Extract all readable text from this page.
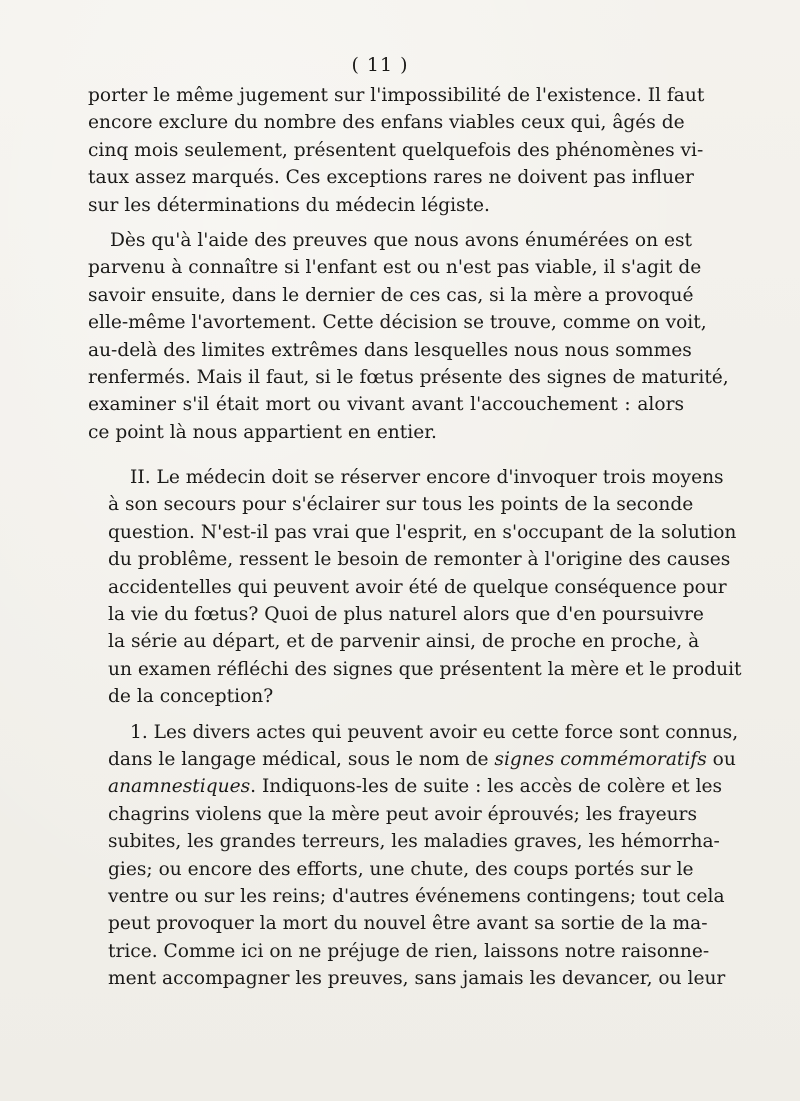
( 11 )
porter le même jugement sur l'impossibilité de l'existence. Il faut
encore exclure du nombre des enfans viables ceux qui, âgés de
cinq mois seulement, présentent quelquefois des phénomènes vi-
taux assez marqués. Ces exceptions rares ne doivent pas influer
sur les déterminations du médecin légiste.
Dès qu'à l'aide des preuves que nous avons énumérées on est
parvenu à connaître si l'enfant est ou n'est pas viable, il s'agit de
savoir ensuite, dans le dernier de ces cas, si la mère a provoqué
elle-même l'avortement. Cette décision se trouve, comme on voit,
au-delà des limites extrêmes dans lesquelles nous nous sommes
renfermés. Mais il faut, si le fœtus présente des signes de maturité,
examiner s'il était mort ou vivant avant l'accouchement : alors
ce point là nous appartient en entier.
II. Le médecin doit se réserver encore d'invoquer trois moyens
à son secours pour s'éclairer sur tous les points de la seconde
question. N'est-il pas vrai que l'esprit, en s'occupant de la solution
du problême, ressent le besoin de remonter à l'origine des causes
accidentelles qui peuvent avoir été de quelque conséquence pour
la vie du fœtus? Quoi de plus naturel alors que d'en poursuivre
la série au départ, et de parvenir ainsi, de proche en proche, à
un examen réfléchi des signes que présentent la mère et le produit
de la conception?
1. Les divers actes qui peuvent avoir eu cette force sont connus,
dans le langage médical, sous le nom de signes commémoratifs ou
anamnestiques. Indiquons-les de suite : les accès de colère et les
chagrins violens que la mère peut avoir éprouvés; les frayeurs
subites, les grandes terreurs, les maladies graves, les hémorrha-
gies; ou encore des efforts, une chute, des coups portés sur le
ventre ou sur les reins; d'autres événemens contingens; tout cela
peut provoquer la mort du nouvel être avant sa sortie de la ma-
trice. Comme ici on ne préjuge de rien, laissons notre raisonne-
ment accompagner les preuves, sans jamais les devancer, ou leur
